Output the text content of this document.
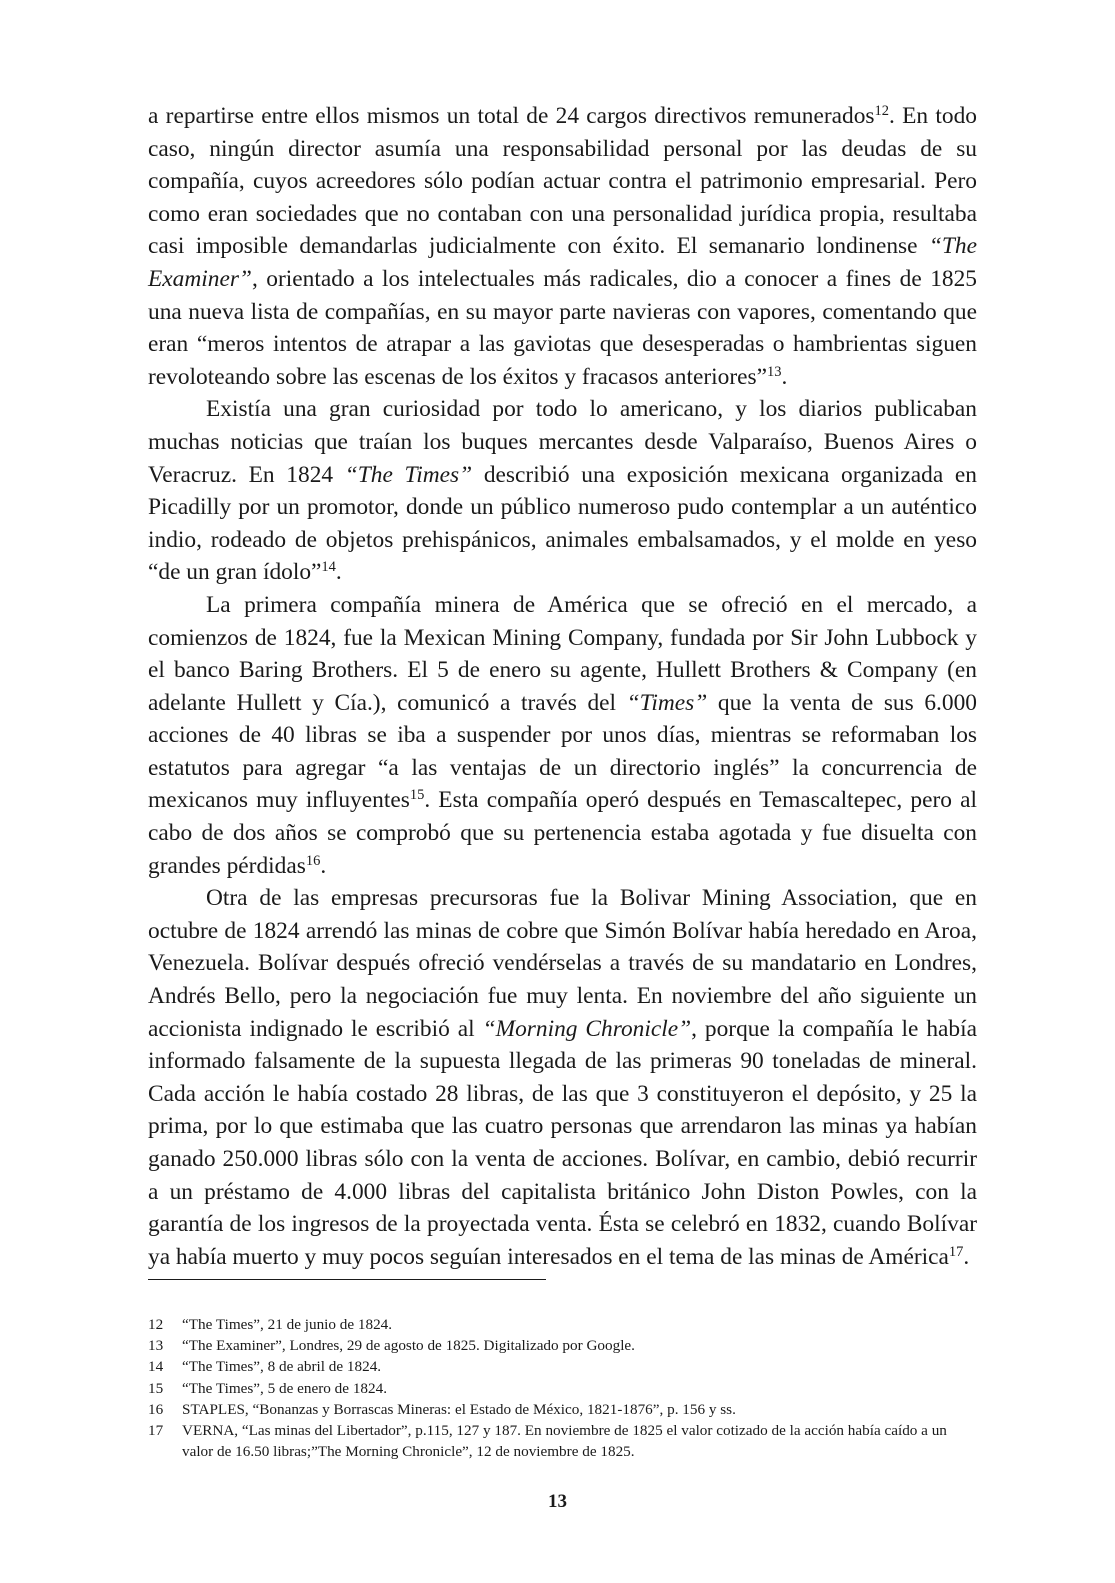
a repartirse entre ellos mismos un total de 24 cargos directivos remunerados$^{12}$. En todo caso, ningún director asumía una responsabilidad personal por las deudas de su compañía, cuyos acreedores sólo podían actuar contra el patrimonio empresarial. Pero como eran sociedades que no contaban con una personalidad jurídica propia, resultaba casi imposible demandarlas judicialmente con éxito. El semanario londinense “The Examiner”, orientado a los intelectuales más radicales, dio a conocer a fines de 1825 una nueva lista de compañías, en su mayor parte navieras con vapores, comentando que eran “meros intentos de atrapar a las gaviotas que desesperadas o hambrientas siguen revoloteando sobre las escenas de los éxitos y fracasos anteriores”$^{13}$.

Existía una gran curiosidad por todo lo americano, y los diarios publicaban muchas noticias que traían los buques mercantes desde Valparaíso, Buenos Aires o Veracruz. En 1824 “The Times” describió una exposición mexicana organizada en Picadilly por un promotor, donde un público numeroso pudo contemplar a un auténtico indio, rodeado de objetos prehispánicos, animales embalsamados, y el molde en yeso “de un gran ídolo”$^{14}$.

La primera compañía minera de América que se ofreció en el mercado, a comienzos de 1824, fue la Mexican Mining Company, fundada por Sir John Lubbock y el banco Baring Brothers. El 5 de enero su agente, Hullett Brothers & Company (en adelante Hullett y Cía.), comunicó a través del “Times” que la venta de sus 6.000 acciones de 40 libras se iba a suspender por unos días, mientras se reformaban los estatutos para agregar “a las ventajas de un directorio inglés” la concurrencia de mexicanos muy influyentes$^{15}$. Esta compañía operó después en Temascaltepec, pero al cabo de dos años se comprobó que su pertenencia estaba agotada y fue disuelta con grandes pérdidas$^{16}$.

Otra de las empresas precursoras fue la Bolivar Mining Association, que en octubre de 1824 arrendó las minas de cobre que Simón Bolívar había heredado en Aroa, Venezuela. Bolívar después ofreció vendérselas a través de su mandatario en Londres, Andrés Bello, pero la negociación fue muy lenta. En noviembre del año siguiente un accionista indignado le escribió al “Morning Chronicle”, porque la compañía le había informado falsamente de la supuesta llegada de las primeras 90 toneladas de mineral. Cada acción le había costado 28 libras, de las que 3 constituyeron el depósito, y 25 la prima, por lo que estimaba que las cuatro personas que arrendaron las minas ya habían ganado 250.000 libras sólo con la venta de acciones. Bolívar, en cambio, debió recurrir a un préstamo de 4.000 libras del capitalista británico John Diston Powles, con la garantía de los ingresos de la proyectada venta. Ésta se celebró en 1832, cuando Bolívar ya había muerto y muy pocos seguían interesados en el tema de las minas de América$^{17}$.

12	“The Times”, 21 de junio de 1824.
13	“The Examiner”, Londres, 29 de agosto de 1825. Digitalizado por Google.
14	“The Times”, 8 de abril de 1824.
15	“The Times”, 5 de enero de 1824.
16	STAPLES, “Bonanzas y Borrascas Mineras: el Estado de México, 1821-1876”, p. 156 y ss.
17	VERNA, “Las minas del Libertador”, p.115, 127 y 187. En noviembre de 1825 el valor cotizado de la acción había caído a un valor de 16.50 libras;”The Morning Chronicle”, 12 de noviembre de 1825.
13
